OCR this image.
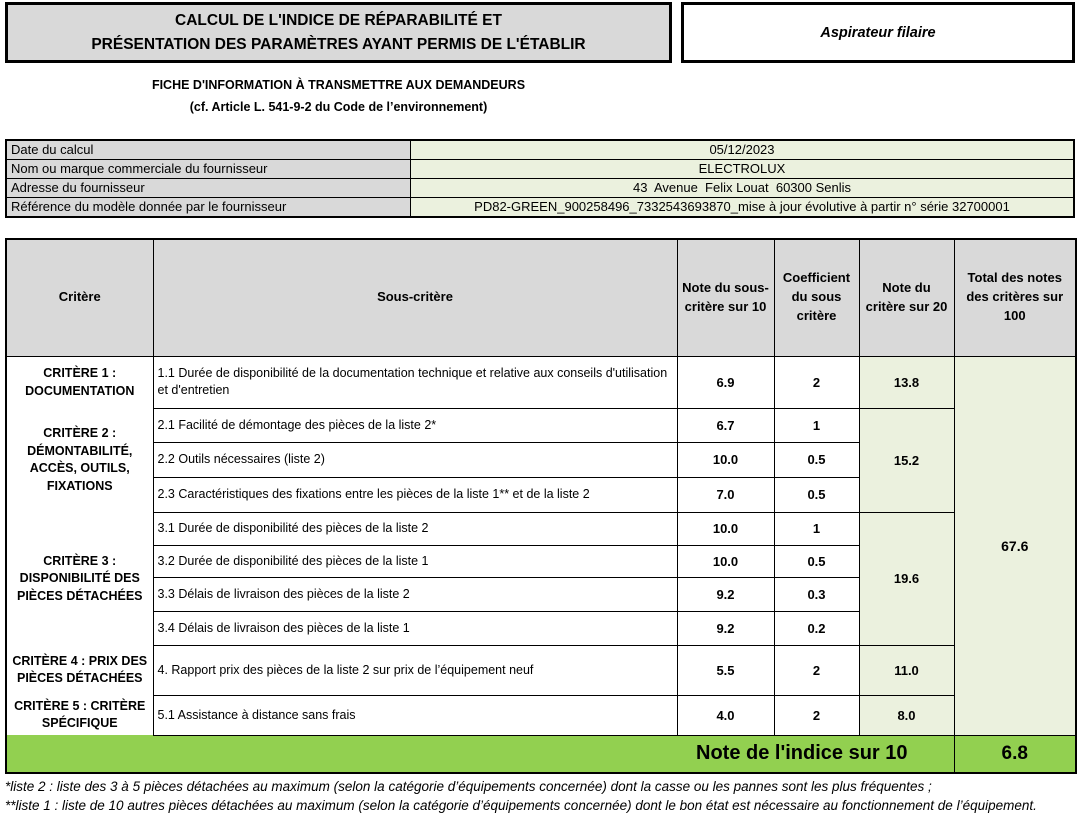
CALCUL DE L'INDICE DE RÉPARABILITÉ ET
PRÉSENTATION DES PARAMÈTRES AYANT PERMIS DE L'ÉTABLIR
Aspirateur filaire
FICHE D'INFORMATION À TRANSMETTRE AUX DEMANDEURS
(cf. Article L. 541-9-2 du Code de l’environnement)
Date du calcul	05/12/2023
Nom ou marque commerciale du fournisseur	ELECTROLUX
Adresse du fournisseur	43  Avenue  Felix Louat  60300 Senlis
Référence du modèle donnée par le fournisseur	PD82-GREEN_900258496_7332543693870_mise à jour évolutive à partir n° série 32700001
Critère	Sous-critère	Note du sous-critère sur 10	Coefficient du sous critère	Note du critère sur 20	Total des notes des critères sur 100
CRITÈRE 1 : DOCUMENTATION	1.1 Durée de disponibilité de la documentation technique et relative aux conseils d'utilisation et d'entretien	6.9	2	13.8	67.6
CRITÈRE 2 : DÉMONTABILITÉ, ACCÈS, OUTILS, FIXATIONS	2.1 Facilité de démontage des pièces de la liste 2*	6.7	1	15.2	
	2.2 Outils nécessaires (liste 2)	10.0	0.5		
	2.3 Caractéristiques des fixations entre les pièces de la liste 1** et de la liste 2	7.0	0.5		
CRITÈRE 3 : DISPONIBILITÉ DES PIÈCES DÉTACHÉES	3.1 Durée de disponibilité des pièces de la liste 2	10.0	1	19.6	
	3.2 Durée de disponibilité des pièces de la liste 1	10.0	0.5		
	3.3 Délais de livraison des pièces de la liste 2	9.2	0.3		
	3.4 Délais de livraison des pièces de la liste 1	9.2	0.2		
CRITÈRE 4 : PRIX DES PIÈCES DÉTACHÉES	4. Rapport prix des pièces de la liste 2 sur prix de l’équipement neuf	5.5	2	11.0	
CRITÈRE 5 : CRITÈRE SPÉCIFIQUE	5.1 Assistance à distance sans frais	4.0	2	8.0	
Note de l'indice sur 10					6.8
*liste 2 : liste des 3 à 5 pièces détachées au maximum (selon la catégorie d’équipements concernée) dont la casse ou les pannes sont les plus fréquentes ;
**liste 1 : liste de 10 autres pièces détachées au maximum (selon la catégorie d’équipements concernée) dont le bon état est nécessaire au fonctionnement de l’équipement.
